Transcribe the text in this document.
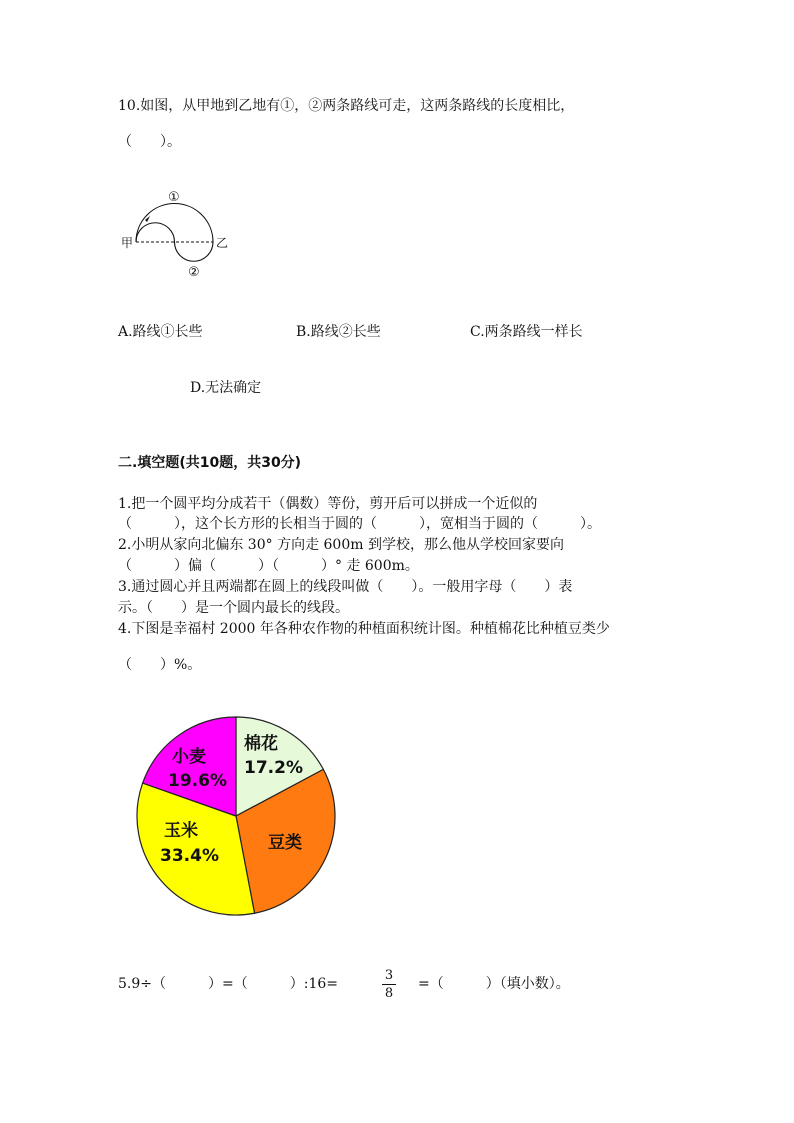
10.如图，从甲地到乙地有①，②两条路线可走，这两条路线的长度相比，
（　　）。
甲	乙
①
②
A.路线①长些	B.路线②长些	C.两条路线一样长
D.无法确定
二.填空题(共10题，共30分)
1.把一个圆平均分成若干（偶数）等份，剪开后可以拼成一个近似的
（　　　），这个长方形的长相当于圆的（　　　），宽相当于圆的（　　　）。
2.小明从家向北偏东 30° 方向走 600m 到学校，那么他从学校回家要向
（　　　）偏（　　　）（　　　）° 走 600m。
3.通过圆心并且两端都在圆上的线段叫做（　　）。一般用字母（　　）表
示。（　　）是一个圆内最长的线段。
4.下图是幸福村 2000 年各种农作物的种植面积统计图。种植棉花比种植豆类少
（　　）%。
棉花
17.2%
豆类
玉米
33.4%
小麦
19.6%
5.9÷（　　　）=（　　　）:16=
3
8
=（　　　）（填小数）。
